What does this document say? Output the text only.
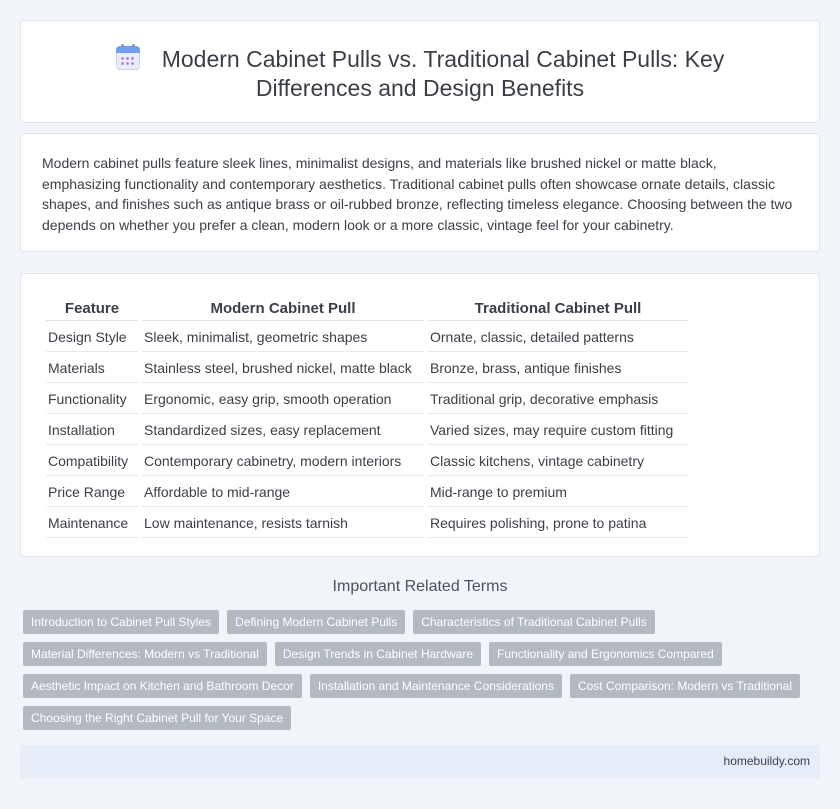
Modern Cabinet Pulls vs. Traditional Cabinet Pulls: Key
Differences and Design Benefits

Modern cabinet pulls feature sleek lines, minimalist designs, and materials like brushed nickel or matte black, emphasizing functionality and contemporary aesthetics. Traditional cabinet pulls often showcase ornate details, classic shapes, and finishes such as antique brass or oil-rubbed bronze, reflecting timeless elegance. Choosing between the two depends on whether you prefer a clean, modern look or a more classic, vintage feel for your cabinetry.

Feature	Modern Cabinet Pull	Traditional Cabinet Pull
Design Style	Sleek, minimalist, geometric shapes	Ornate, classic, detailed patterns
Materials	Stainless steel, brushed nickel, matte black	Bronze, brass, antique finishes
Functionality	Ergonomic, easy grip, smooth operation	Traditional grip, decorative emphasis
Installation	Standardized sizes, easy replacement	Varied sizes, may require custom fitting
Compatibility	Contemporary cabinetry, modern interiors	Classic kitchens, vintage cabinetry
Price Range	Affordable to mid-range	Mid-range to premium
Maintenance	Low maintenance, resists tarnish	Requires polishing, prone to patina
Important Related Terms
Introduction to Cabinet Pull Styles	Defining Modern Cabinet Pulls	Characteristics of Traditional Cabinet Pulls
Material Differences: Modern vs Traditional	Design Trends in Cabinet Hardware	Functionality and Ergonomics Compared
Aesthetic Impact on Kitchen and Bathroom Decor	Installation and Maintenance Considerations	Cost Comparison: Modern vs Traditional
Choosing the Right Cabinet Pull for Your Space
homebuildy.com
